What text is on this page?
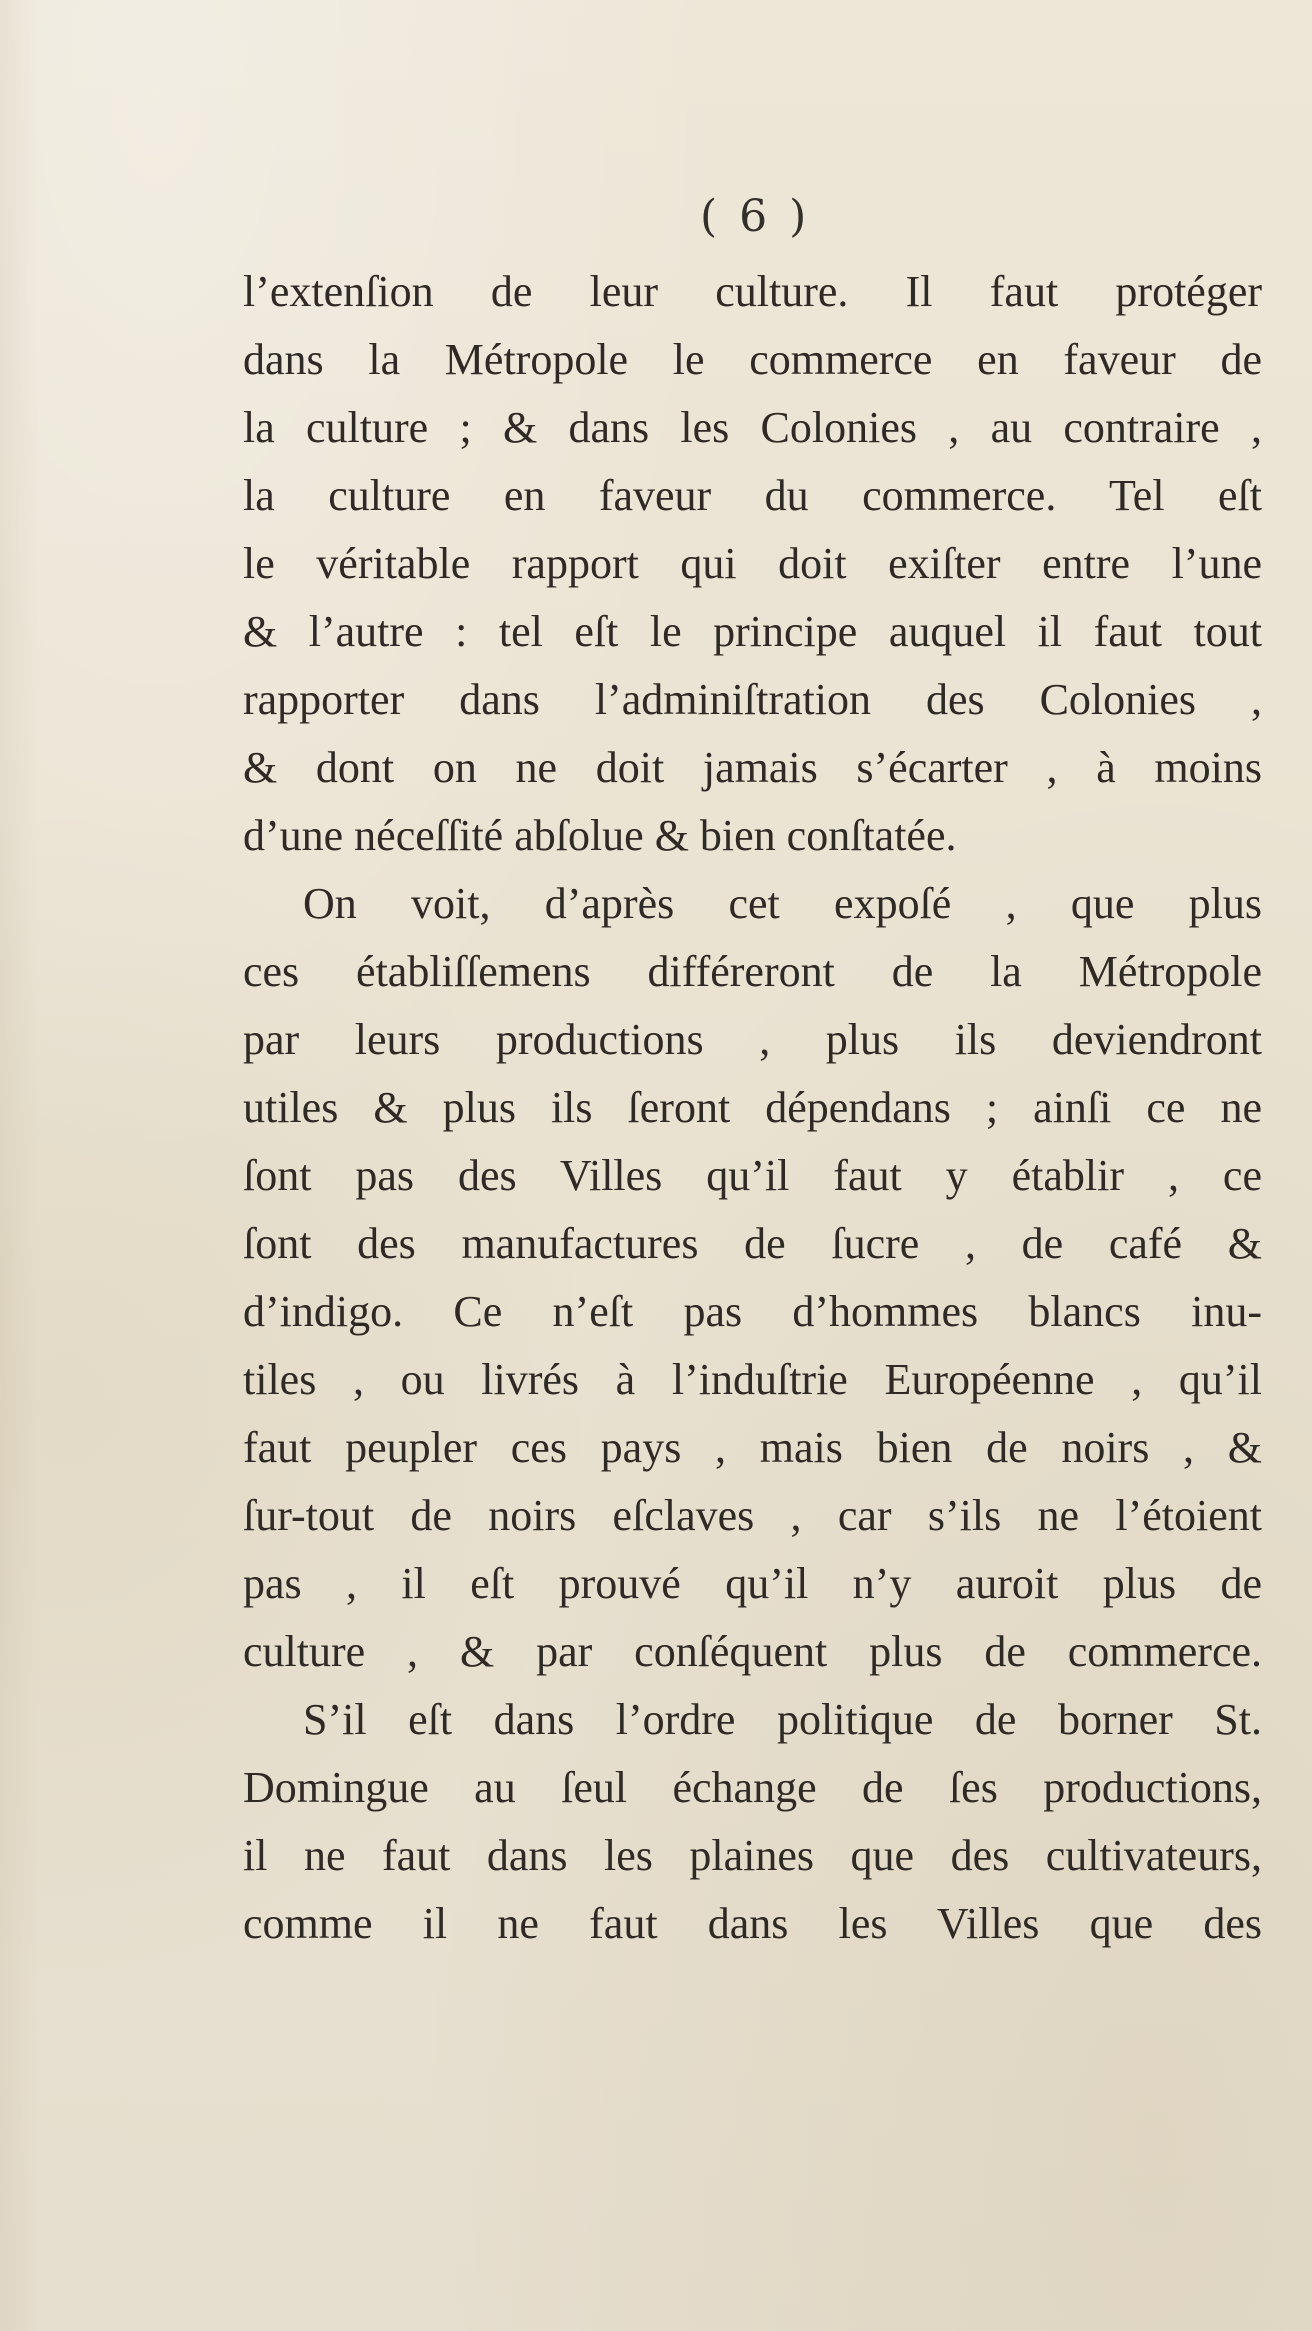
( 6 )
l’extenſion de leur culture. Il faut protéger
dans la Métropole le commerce en faveur de
la culture ; & dans les Colonies , au contraire ,
la culture en faveur du commerce. Tel eſt
le véritable rapport qui doit exiſter entre l’une
& l’autre : tel eſt le principe auquel il faut tout
rapporter dans l’adminiſtration des Colonies ,
& dont on ne doit jamais s’écarter , à moins
d’une néceſſité abſolue & bien conſtatée.
On voit, d’après cet expoſé , que plus
ces établiſſemens différeront de la Métropole
par leurs productions , plus ils deviendront
utiles & plus ils ſeront dépendans ; ainſi ce ne
ſont pas des Villes qu’il faut y établir , ce
ſont des manufactures de ſucre , de café &
d’indigo. Ce n’eſt pas d’hommes blancs inu-
tiles , ou livrés à l’induſtrie Européenne , qu’il
faut peupler ces pays , mais bien de noirs , &
ſur-tout de noirs eſclaves , car s’ils ne l’étoient
pas , il eſt prouvé qu’il n’y auroit plus de
culture , & par conſéquent plus de commerce.
S’il eſt dans l’ordre politique de borner St.
Domingue au ſeul échange de ſes productions,
il ne faut dans les plaines que des cultivateurs,
comme il ne faut dans les Villes que des
